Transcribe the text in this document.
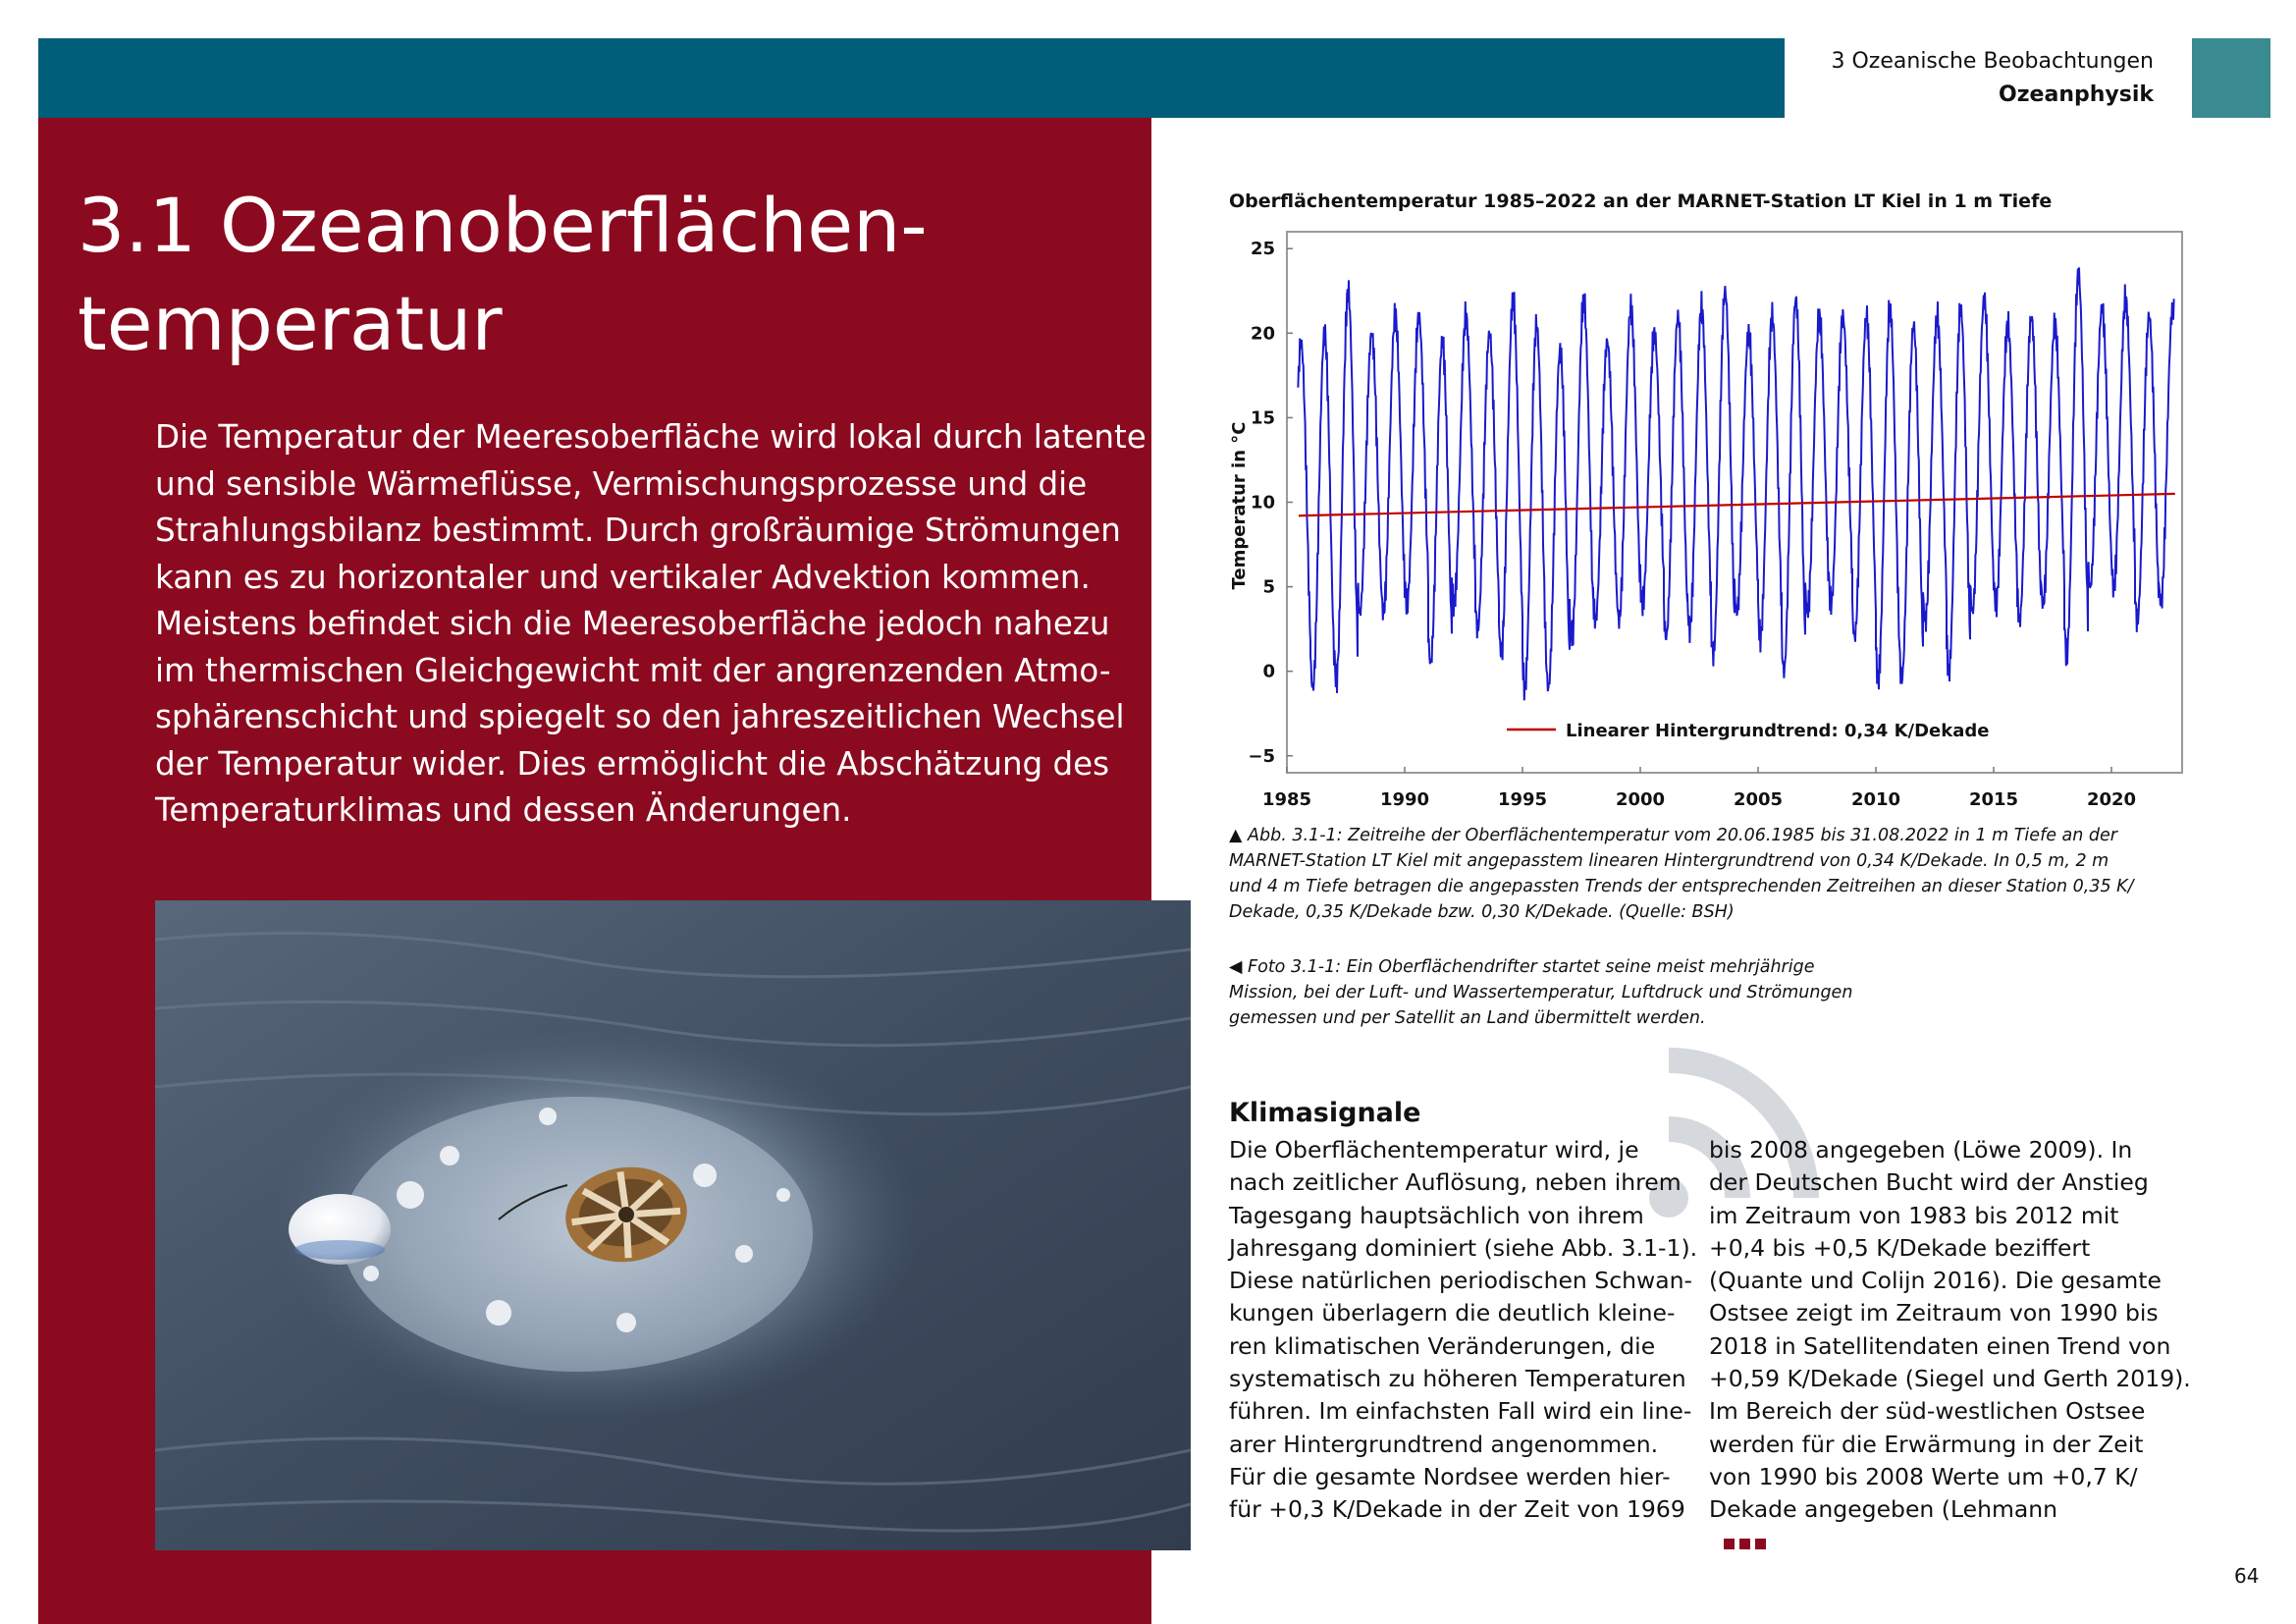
3 Ozeanische Beobachtungen
Ozeanphysik
3.1 Ozeanoberflächen-
temperatur
Die Temperatur der Meeresoberfläche wird lokal durch latente
und sensible Wärmeflüsse, Vermischungsprozesse und die
Strahlungsbilanz bestimmt. Durch großräumige Strömungen
kann es zu horizontaler und vertikaler Advektion kommen.
Meistens befindet sich die Meeresoberfläche jedoch nahezu
im thermischen Gleichgewicht mit der angrenzenden Atmo-
sphärenschicht und spiegelt so den jahreszeitlichen Wechsel
der Temperatur wider. Dies ermöglicht die Abschätzung des
Temperaturklimas und dessen Änderungen.
Oberflächentemperatur 1985–2022 an der MARNET-Station LT Kiel in 1 m Tiefe
25
20
15
10
5
0
−5
1985	1990	1995	2000	2005	2010	2015	2020
Linearer Hintergrundtrend: 0,34 K/Dekade
Temperatur in °C
▲ Abb. 3.1-1: Zeitreihe der Oberflächentemperatur vom 20.06.1985 bis 31.08.2022 in 1 m Tiefe an der
MARNET-Station LT Kiel mit angepasstem linearen Hintergrundtrend von 0,34 K/Dekade. In 0,5 m, 2 m
und 4 m Tiefe betragen die angepassten Trends der entsprechenden Zeitreihen an dieser Station 0,35 K/
Dekade, 0,35 K/Dekade bzw. 0,30 K/Dekade. (Quelle: BSH)
◀ Foto 3.1-1: Ein Oberflächendrifter startet seine meist mehrjährige
Mission, bei der Luft- und Wassertemperatur, Luftdruck und Strömungen
gemessen und per Satellit an Land übermittelt werden.
Klimasignale
Die Oberflächentemperatur wird, je
nach zeitlicher Auflösung, neben ihrem
Tagesgang hauptsächlich von ihrem
Jahresgang dominiert (siehe Abb. 3.1-1).
Diese natürlichen periodischen Schwan-
kungen überlagern die deutlich kleine-
ren klimatischen Veränderungen, die
systematisch zu höheren Temperaturen
führen. Im einfachsten Fall wird ein line-
arer Hintergrundtrend angenommen.
Für die gesamte Nordsee werden hier-
für +0,3 K/Dekade in der Zeit von 1969
bis 2008 angegeben (Löwe 2009). In
der Deutschen Bucht wird der Anstieg
im Zeitraum von 1983 bis 2012 mit
+0,4 bis +0,5 K/Dekade beziffert
(Quante und Colijn 2016). Die gesamte
Ostsee zeigt im Zeitraum von 1990 bis
2018 in Satellitendaten einen Trend von
+0,59 K/Dekade (Siegel und Gerth 2019).
Im Bereich der süd-westlichen Ostsee
werden für die Erwärmung in der Zeit
von 1990 bis 2008 Werte um +0,7 K/
Dekade angegeben (Lehmann
64
